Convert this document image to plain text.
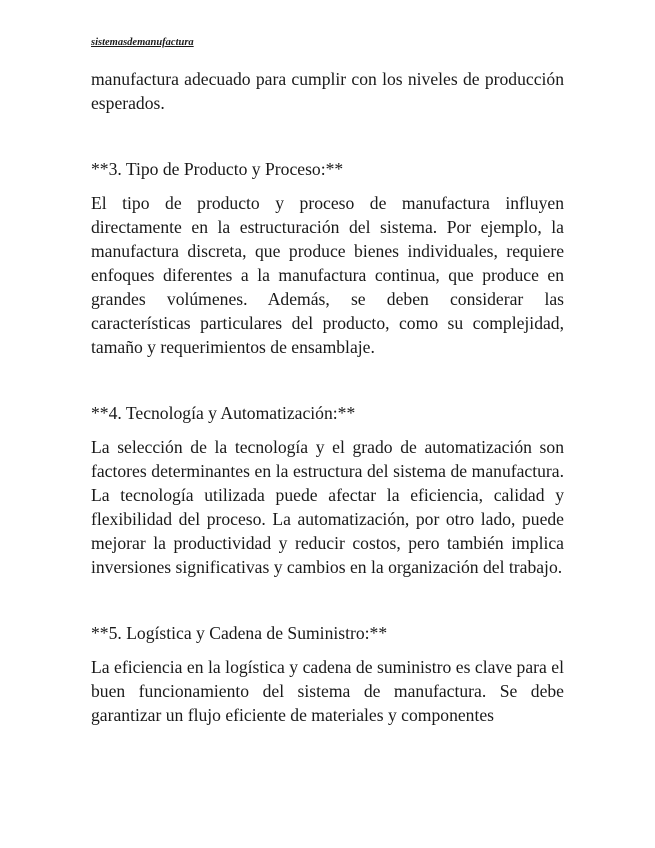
sistemasdemanufactura

manufactura adecuado para cumplir con los niveles de producción esperados.

**3. Tipo de Producto y Proceso:**

El tipo de producto y proceso de manufactura influyen directamente en la estructuración del sistema. Por ejemplo, la manufactura discreta, que produce bienes individuales, requiere enfoques diferentes a la manufactura continua, que produce en grandes volúmenes. Además, se deben considerar las características particulares del producto, como su complejidad, tamaño y requerimientos de ensamblaje.

**4. Tecnología y Automatización:**

La selección de la tecnología y el grado de automatización son factores determinantes en la estructura del sistema de manufactura. La tecnología utilizada puede afectar la eficiencia, calidad y flexibilidad del proceso. La automatización, por otro lado, puede mejorar la productividad y reducir costos, pero también implica inversiones significativas y cambios en la organización del trabajo.

**5. Logística y Cadena de Suministro:**

La eficiencia en la logística y cadena de suministro es clave para el buen funcionamiento del sistema de manufactura. Se debe garantizar un flujo eficiente de materiales y componentes
